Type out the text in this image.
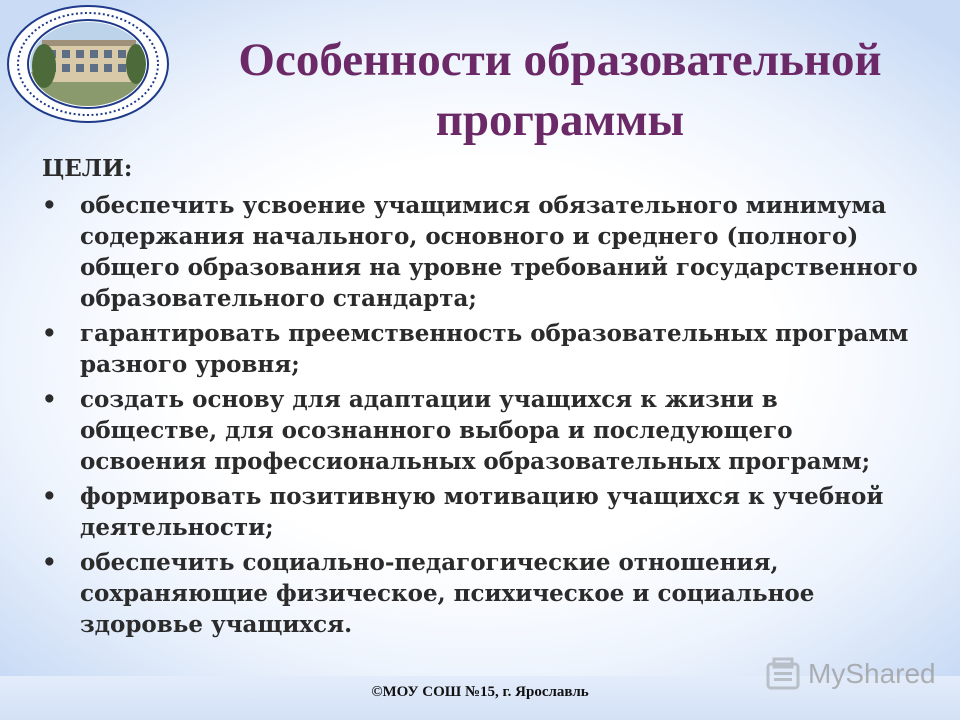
Особенности образовательной программы

ЦЕЛИ:

• обеспечить усвоение учащимися обязательного минимума содержания начального, основного и среднего (полного) общего образования на уровне требований государственного образовательного стандарта;
• гарантировать преемственность образовательных программ разного уровня;
• создать основу для адаптации учащихся к жизни в обществе, для осознанного выбора и последующего освоения профессиональных образовательных программ;
• формировать позитивную мотивацию учащихся к учебной деятельности;
• обеспечить социально-педагогические отношения, сохраняющие физическое, психическое и социальное здоровье учащихся.
©МОУ СОШ №15, г. Ярославль
MyShared
